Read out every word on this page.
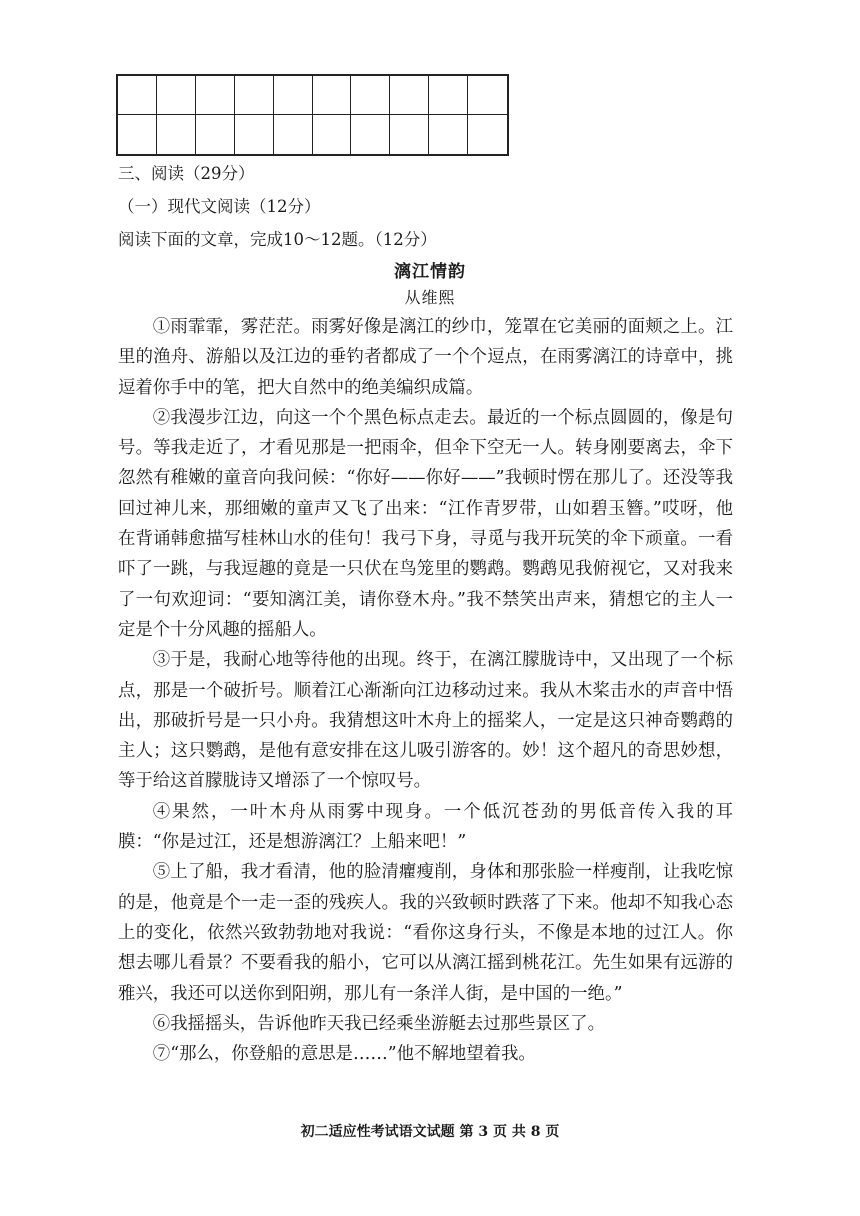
三、阅读（29分）
（一）现代文阅读（12分）
阅读下面的文章，完成10～12题。（12分）
漓江情韵
从维熙

①雨霏霏，雾茫茫。雨雾好像是漓江的纱巾，笼罩在它美丽的面颊之上。江里的渔舟、游船以及江边的垂钓者都成了一个个逗点，在雨雾漓江的诗章中，挑逗着你手中的笔，把大自然中的绝美编织成篇。

②我漫步江边，向这一个个黑色标点走去。最近的一个标点圆圆的，像是句号。等我走近了，才看见那是一把雨伞，但伞下空无一人。转身刚要离去，伞下忽然有稚嫩的童音向我问候：“你好——你好——”我顿时愣在那儿了。还没等我回过神儿来，那细嫩的童声又飞了出来：“江作青罗带，山如碧玉簪。”哎呀，他在背诵韩愈描写桂林山水的佳句！我弓下身，寻觅与我开玩笑的伞下顽童。一看吓了一跳，与我逗趣的竟是一只伏在鸟笼里的鹦鹉。鹦鹉见我俯视它，又对我来了一句欢迎词：“要知漓江美，请你登木舟。”我不禁笑出声来，猜想它的主人一定是个十分风趣的摇船人。

③于是，我耐心地等待他的出现。终于，在漓江朦胧诗中，又出现了一个标点，那是一个破折号。顺着江心渐渐向江边移动过来。我从木桨击水的声音中悟出，那破折号是一只小舟。我猜想这叶木舟上的摇桨人，一定是这只神奇鹦鹉的主人；这只鹦鹉，是他有意安排在这儿吸引游客的。妙！这个超凡的奇思妙想，等于给这首朦胧诗又增添了一个惊叹号。

④果然，一叶木舟从雨雾中现身。一个低沉苍劲的男低音传入我的耳膜：“你是过江，还是想游漓江？上船来吧！”

⑤上了船，我才看清，他的脸清癯瘦削，身体和那张脸一样瘦削，让我吃惊的是，他竟是个一走一歪的残疾人。我的兴致顿时跌落了下来。他却不知我心态上的变化，依然兴致勃勃地对我说：“看你这身行头，不像是本地的过江人。你想去哪儿看景？不要看我的船小，它可以从漓江摇到桃花江。先生如果有远游的雅兴，我还可以送你到阳朔，那儿有一条洋人街，是中国的一绝。”

⑥我摇摇头，告诉他昨天我已经乘坐游艇去过那些景区了。

⑦“那么，你登船的意思是……”他不解地望着我。

初二适应性考试语文试题 第 3 页 共 8 页
